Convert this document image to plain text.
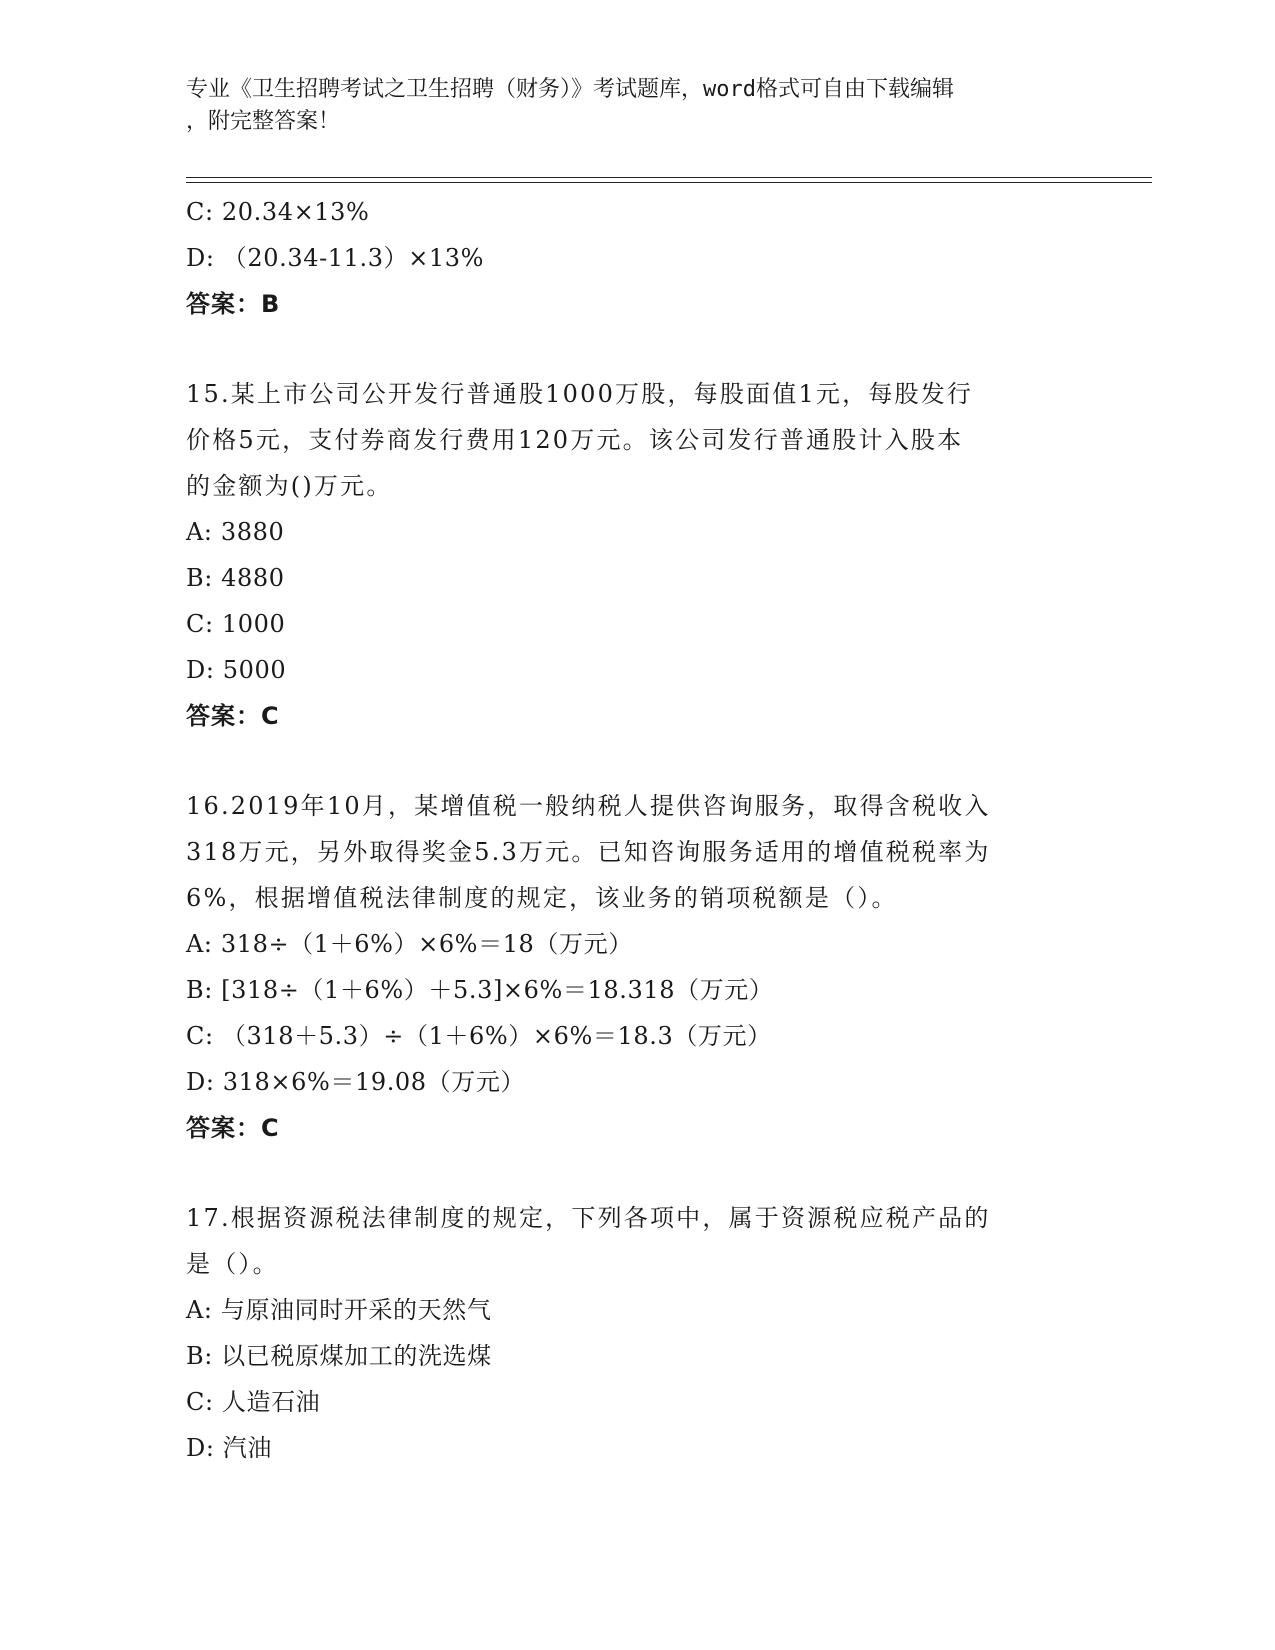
专业《卫生招聘考试之卫生招聘（财务）》考试题库，word格式可自由下载编辑
，附完整答案！
C: 20.34×13%
D: （20.34-11.3）×13%
答案：B
15.某上市公司公开发行普通股1000万股，每股面值1元，每股发行
价格5元，支付券商发行费用120万元。该公司发行普通股计入股本
的金额为()万元。
A: 3880
B: 4880
C: 1000
D: 5000
答案：C
16.2019年10月，某增值税一般纳税人提供咨询服务，取得含税收入
318万元，另外取得奖金5.3万元。已知咨询服务适用的增值税税率为
6%，根据增值税法律制度的规定，该业务的销项税额是（）。
A: 318÷（1＋6%）×6%＝18（万元）
B: [318÷（1＋6%）＋5.3]×6%＝18.318（万元）
C: （318＋5.3）÷（1＋6%）×6%＝18.3（万元）
D: 318×6%＝19.08（万元）
答案：C
17.根据资源税法律制度的规定，下列各项中，属于资源税应税产品的
是（）。
A: 与原油同时开采的天然气
B: 以已税原煤加工的洗选煤
C: 人造石油
D: 汽油
